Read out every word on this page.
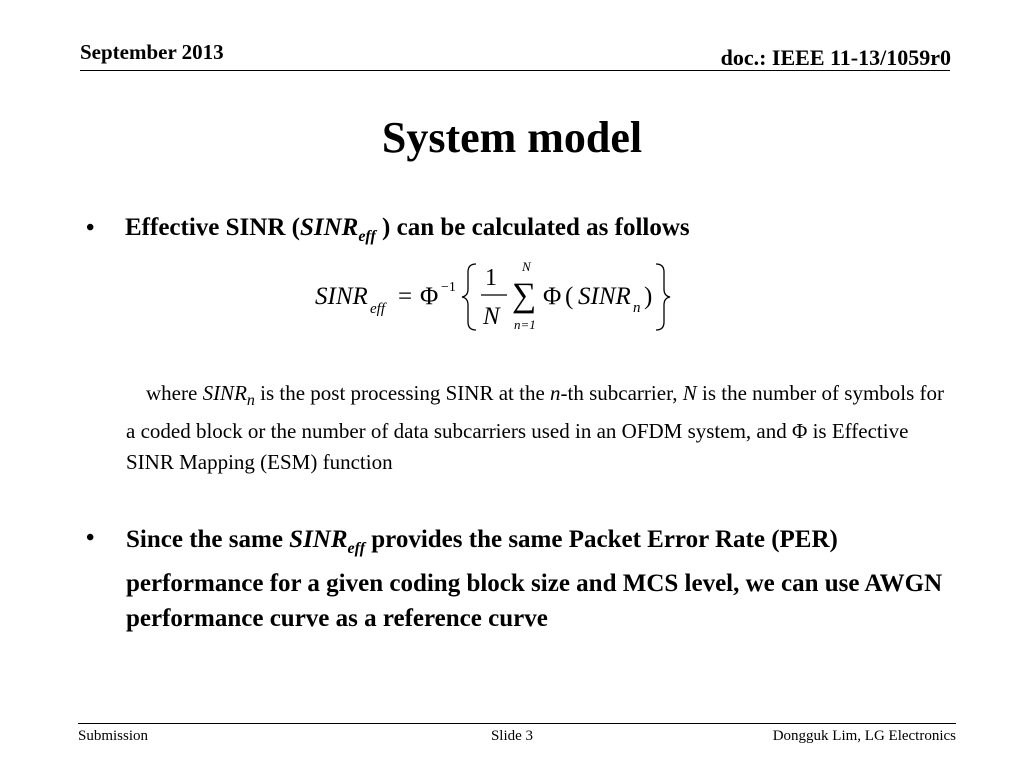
September 2013	doc.: IEEE 11-13/1059r0
System model
• Effective SINR ($SINR_{eff}$ ) can be calculated as follows
SINR eff = Φ −1 1
N
N
∑
n=1
Φ ( SINR n )
where $SINR_n$ is the post processing SINR at the n-th subcarrier, N is the number of symbols for a coded block or the number of data subcarriers used in an OFDM system, and Φ is Effective SINR Mapping (ESM) function
• Since the same $SINR_{eff}$ provides the same Packet Error Rate (PER) performance for a given coding block size and MCS level, we can use AWGN performance curve as a reference curve
Submission	Slide 3	Dongguk Lim, LG Electronics
